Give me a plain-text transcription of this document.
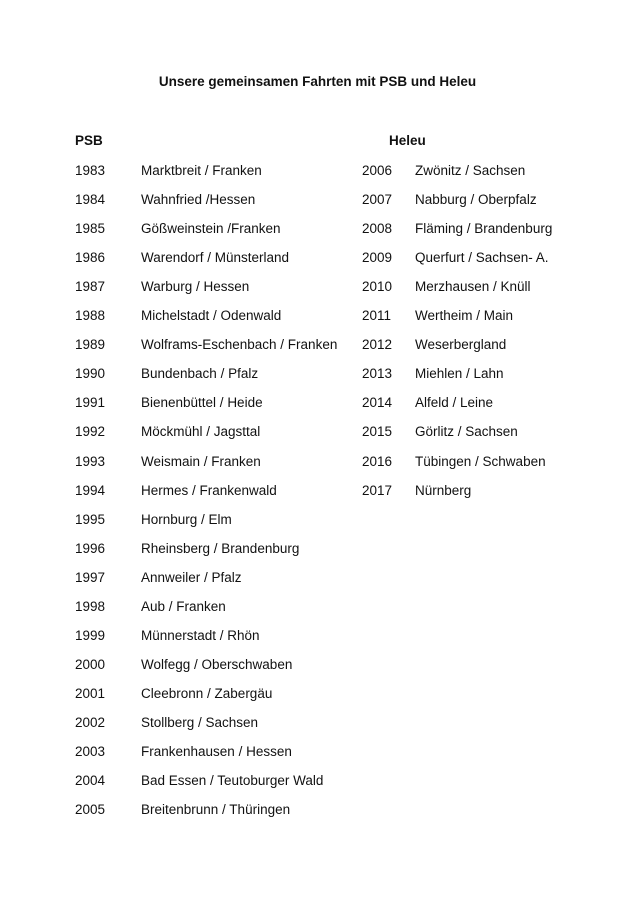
Unsere gemeinsamen Fahrten mit PSB und Heleu
PSB	Heleu
1983	Marktbreit / Franken
1984	Wahnfried /Hessen
1985	Gößweinstein /Franken
1986	Warendorf / Münsterland
1987	Warburg / Hessen
1988	Michelstadt / Odenwald
1989	Wolframs-Eschenbach / Franken
1990	Bundenbach / Pfalz
1991	Bienenbüttel / Heide
1992	Möckmühl / Jagsttal
1993	Weismain / Franken
1994	Hermes / Frankenwald
1995	Hornburg / Elm
1996	Rheinsberg / Brandenburg
1997	Annweiler / Pfalz
1998	Aub / Franken
1999	Münnerstadt / Rhön
2000	Wolfegg / Oberschwaben
2001	Cleebronn / Zabergäu
2002	Stollberg / Sachsen
2003	Frankenhausen / Hessen
2004	Bad Essen / Teutoburger Wald
2005	Breitenbrunn / Thüringen
2006 Zwönitz / Sachsen
2007 Nabburg / Oberpfalz
2008 Fläming / Brandenburg
2009 Querfurt / Sachsen- A.
2010 Merzhausen / Knüll
2011 Wertheim / Main
2012 Weserbergland
2013 Miehlen / Lahn
2014 Alfeld / Leine
2015 Görlitz / Sachsen
2016 Tübingen / Schwaben
2017 Nürnberg
